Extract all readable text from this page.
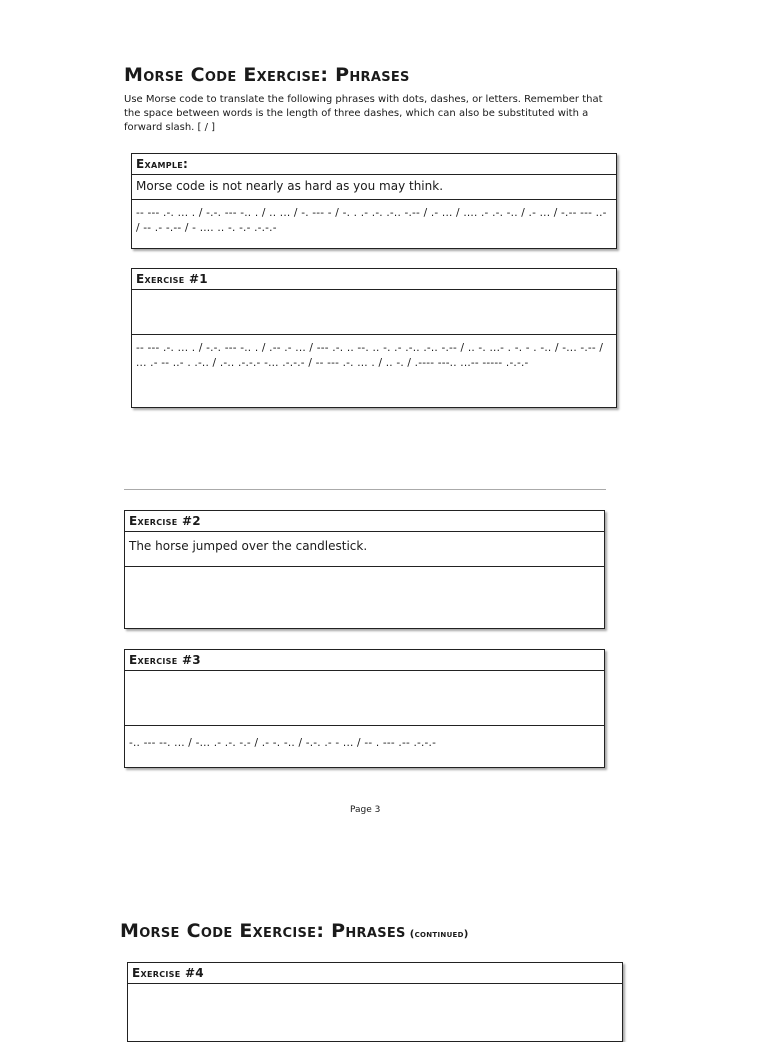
Morse Code Exercise: Phrases
Use Morse code to translate the following phrases with dots, dashes, or letters. Remember that the space between words is the length of three dashes, which can also be substituted with a forward slash. [ / ]
Example:
Morse code is not nearly as hard as you may think.
-- --- .-. ... . / -.-. --- -.. . / .. ... / -. --- - / -. . .- .-. .-.. -.-- / .- ... / .... .- .-. -.. / .- ... / -.-- --- ..- / -- .- -.-- / - .... .. -. -.- .-.-.-
Exercise #1
-- --- .-. ... . / -.-. --- -.. . / .-- .- ... / --- .-. .. --. .. -. .- .-.. .-.. -.-- / .. -. ...- . -. - . -.. / -... -.-- / ... .- -- ..- . .-.. / .-.. .-.-.- -... .-.-.- / -- --- .-. ... . / .. -. / .---- ---.. ...-- ----- .-.-.-
Exercise #2
The horse jumped over the candlestick.
Exercise #3
-.. --- --. ... / -... .- .-. -.- / .- -. -.. / -.-. .- - ... / -- . --- .-- .-.-.-
Page 3
Morse Code Exercise: Phrases (continued)
Exercise #4
